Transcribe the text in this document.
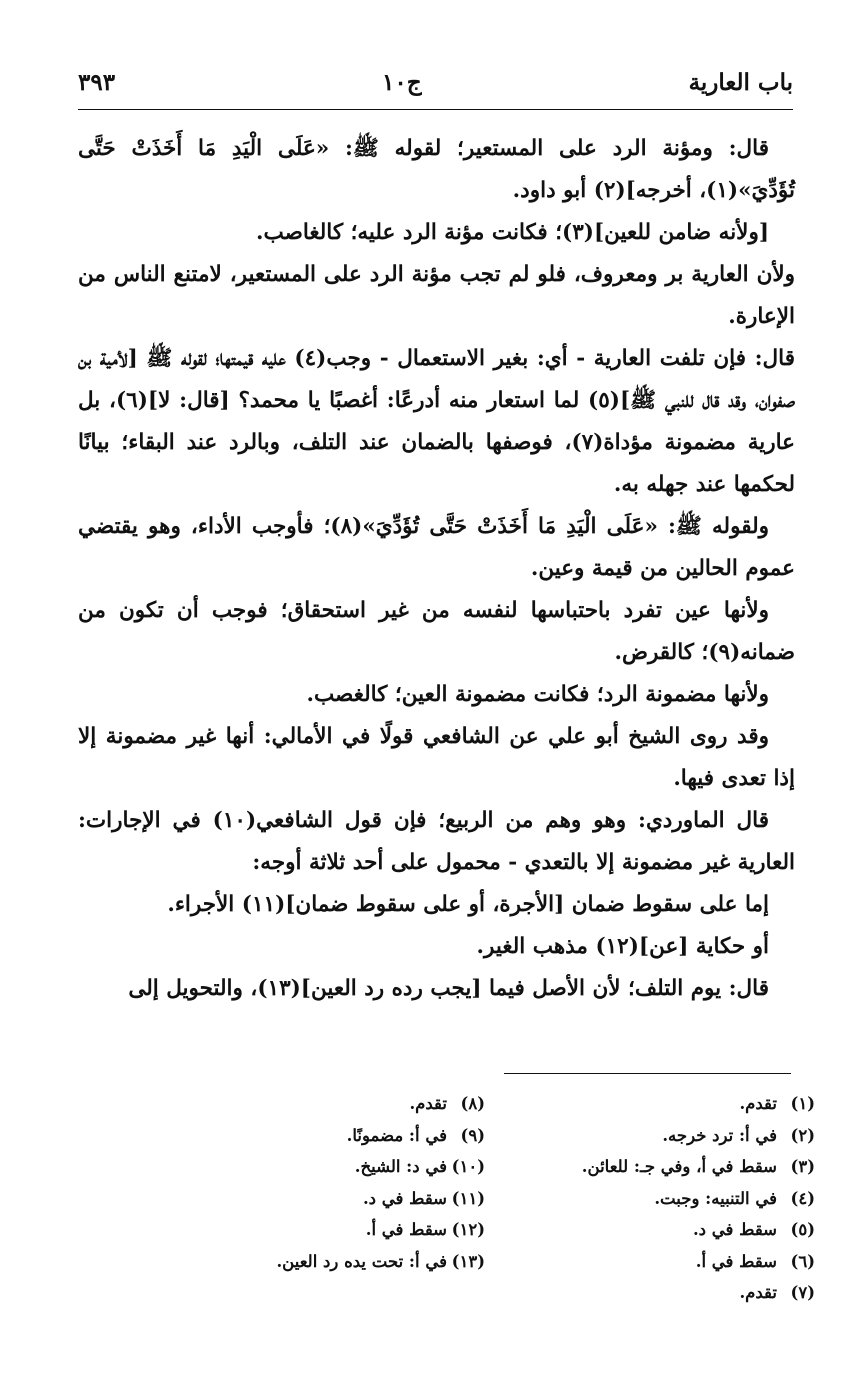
باب العارية
ج١٠
٣٩٣

قال: ومؤنة الرد على المستعير؛ لقوله ﷺ: «عَلَى الْيَدِ مَا أَخَذَتْ حَتَّى تُؤَدِّيَ»(١)، أخرجه](٢) أبو داود.

[ولأنه ضامن للعين](٣)؛ فكانت مؤنة الرد عليه؛ كالغاصب.

ولأن العارية بر ومعروف، فلو لم تجب مؤنة الرد على المستعير، لامتنع الناس من الإعارة.

قال: فإن تلفت العارية - أي: بغير الاستعمال - وجب(٤) عليه قيمتها؛ لقوله ﷺ [لأمية بن صفوان، وقد قال للنبي ﷺ](٥) لما استعار منه أدرعًا: أغصبًا يا محمد؟ [قال: لا](٦)، بل عارية مضمونة مؤداة(٧)، فوصفها بالضمان عند التلف، وبالرد عند البقاء؛ بيانًا لحكمها عند جهله به.

ولقوله ﷺ: «عَلَى الْيَدِ مَا أَخَذَتْ حَتَّى تُؤَدِّيَ»(٨)؛ فأوجب الأداء، وهو يقتضي عموم الحالين من قيمة وعين.

ولأنها عين تفرد باحتباسها لنفسه من غير استحقاق؛ فوجب أن تكون من ضمانه(٩)؛ كالقرض.

ولأنها مضمونة الرد؛ فكانت مضمونة العين؛ كالغصب.

وقد روى الشيخ أبو علي عن الشافعي قولًا في الأمالي: أنها غير مضمونة إلا إذا تعدى فيها.

قال الماوردي: وهو وهم من الربيع؛ فإن قول الشافعي(١٠) في الإجارات: العارية غير مضمونة إلا بالتعدي - محمول على أحد ثلاثة أوجه:

إما على سقوط ضمان [الأجرة، أو على سقوط ضمان](١١) الأجراء.

أو حكاية [عن](١٢) مذهب الغير.

قال: يوم التلف؛ لأن الأصل فيما [يجب رده رد العين](١٣)، والتحويل إلى

(١)تقدم.
(٢)في أ: ترد خرجه.
(٣)سقط في أ، وفي جـ: للعائن.
(٤)في التنبيه: وجبت.
(٥)سقط في د.
(٦)سقط في أ.
(٧)تقدم.
(٨)تقدم.
(٩)في أ: مضمونًا.
(١٠)في د: الشيخ.
(١١)سقط في د.
(١٢)سقط في أ.
(١٣)في أ: تحت يده رد العين.
